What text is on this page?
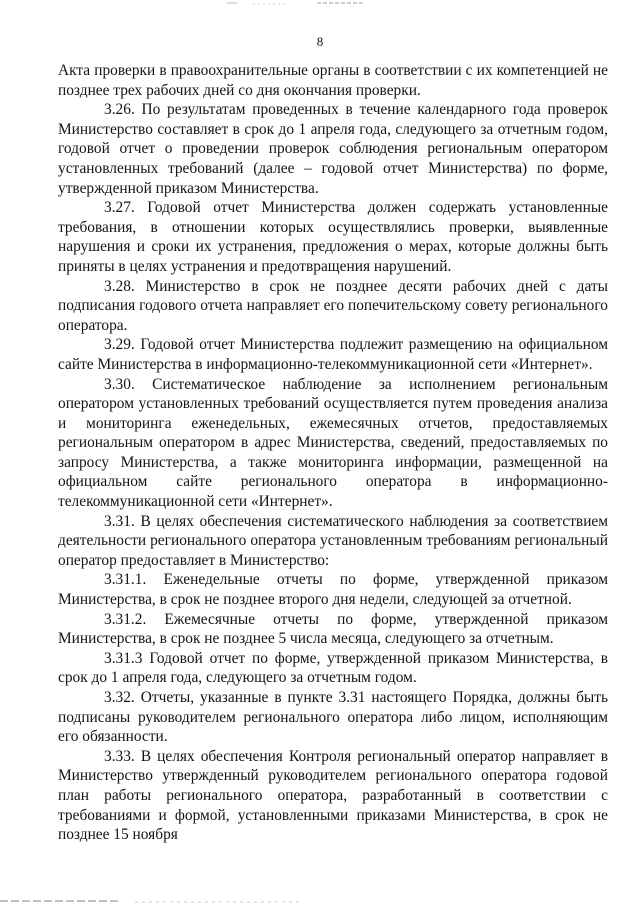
8

Акта проверки в правоохранительные органы в соответствии с их компетенцией не позднее трех рабочих дней со дня окончания проверки.

3.26. По результатам проведенных в течение календарного года проверок Министерство составляет в срок до 1 апреля года, следующего за отчетным годом, годовой отчет о проведении проверок соблюдения региональным оператором установленных требований (далее – годовой отчет Министерства) по форме, утвержденной приказом Министерства.

3.27. Годовой отчет Министерства должен содержать установленные требования, в отношении которых осуществлялись проверки, выявленные нарушения и сроки их устранения, предложения о мерах, которые должны быть приняты в целях устранения и предотвращения нарушений.

3.28. Министерство в срок не позднее десяти рабочих дней с даты подписания годового отчета направляет его попечительскому совету регионального оператора.

3.29. Годовой отчет Министерства подлежит размещению на официальном сайте Министерства в информационно-телекоммуникационной сети «Интернет».

3.30. Систематическое наблюдение за исполнением региональным оператором установленных требований осуществляется путем проведения анализа и мониторинга еженедельных, ежемесячных отчетов, предоставляемых региональным оператором в адрес Министерства, сведений, предоставляемых по запросу Министерства, а также мониторинга информации, размещенной на официальном сайте регионального оператора в информационно-телекоммуникационной сети «Интернет».

3.31. В целях обеспечения систематического наблюдения за соответствием деятельности регионального оператора установленным требованиям региональный оператор предоставляет в Министерство:

3.31.1. Еженедельные отчеты по форме, утвержденной приказом Министерства, в срок не позднее второго дня недели, следующей за отчетной.

3.31.2. Ежемесячные отчеты по форме, утвержденной приказом Министерства, в срок не позднее 5 числа месяца, следующего за отчетным.

3.31.3 Годовой отчет по форме, утвержденной приказом Министерства, в срок до 1 апреля года, следующего за отчетным годом.

3.32. Отчеты, указанные в пункте 3.31 настоящего Порядка, должны быть подписаны руководителем регионального оператора либо лицом, исполняющим его обязанности.

3.33. В целях обеспечения Контроля региональный оператор направляет в Министерство утвержденный руководителем регионального оператора годовой план работы регионального оператора, разработанный в соответствии с требованиями и формой, установленными приказами Министерства, в срок не позднее 15 ноября
